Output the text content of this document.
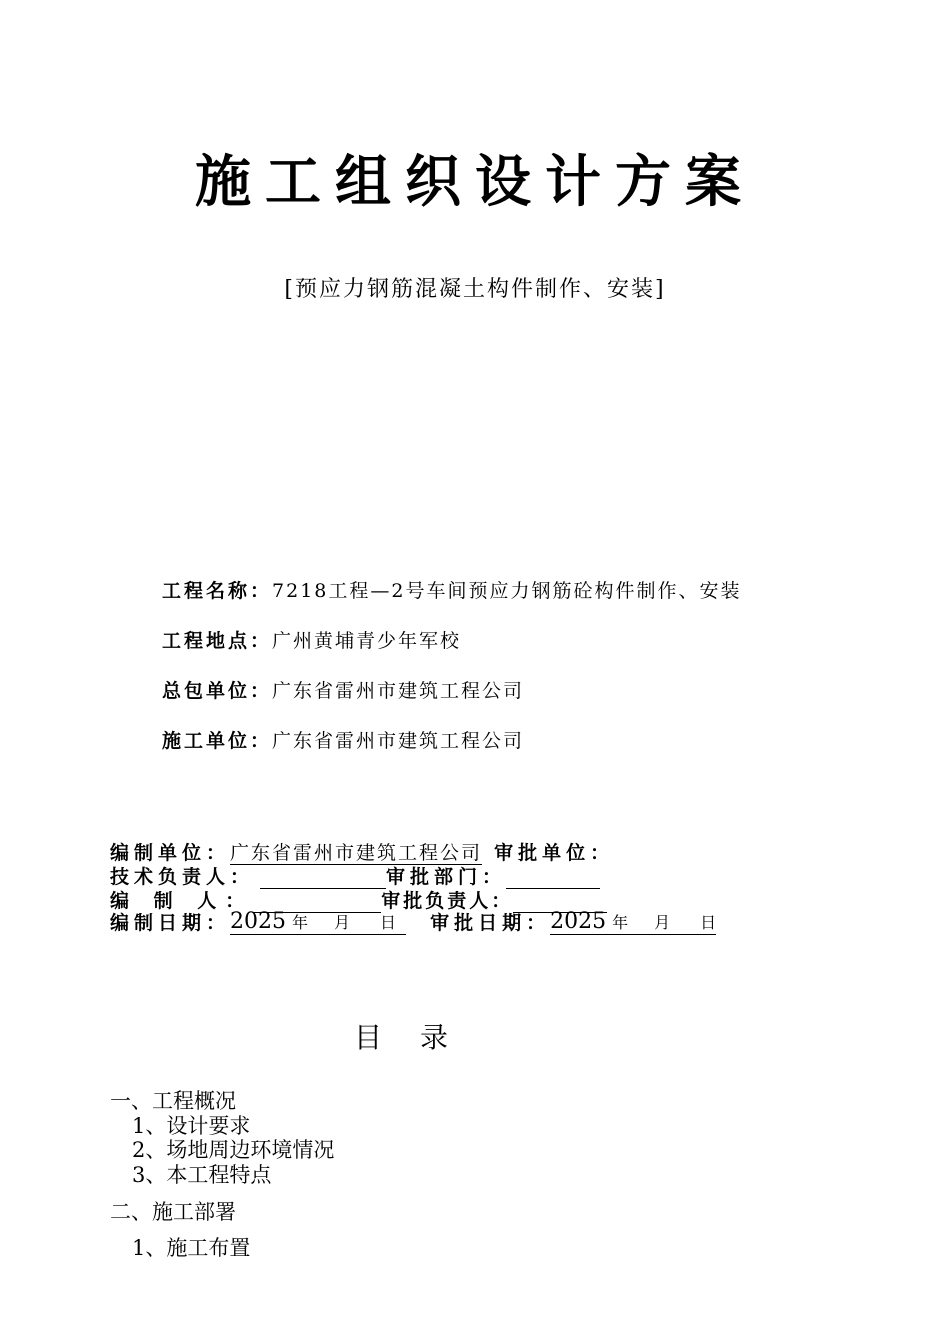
施工组织设计方案
[预应力钢筋混凝土构件制作、安装]
工程名称：7218工程—2号车间预应力钢筋砼构件制作、安装
工程地点：广州黄埔青少年军校
总包单位：广东省雷州市建筑工程公司
施工单位：广东省雷州市建筑工程公司
编制单位：广东省雷州市建筑工程公司 审批单位：
技术负责人：	审批部门：
编 制 人：	审批负责人：
编制日期：2025 年 月 日 审批日期：2025 年 月 日
目录
一、工程概况
1、设计要求
2、场地周边环境情况
3、本工程特点
二、施工部署
1、施工布置
